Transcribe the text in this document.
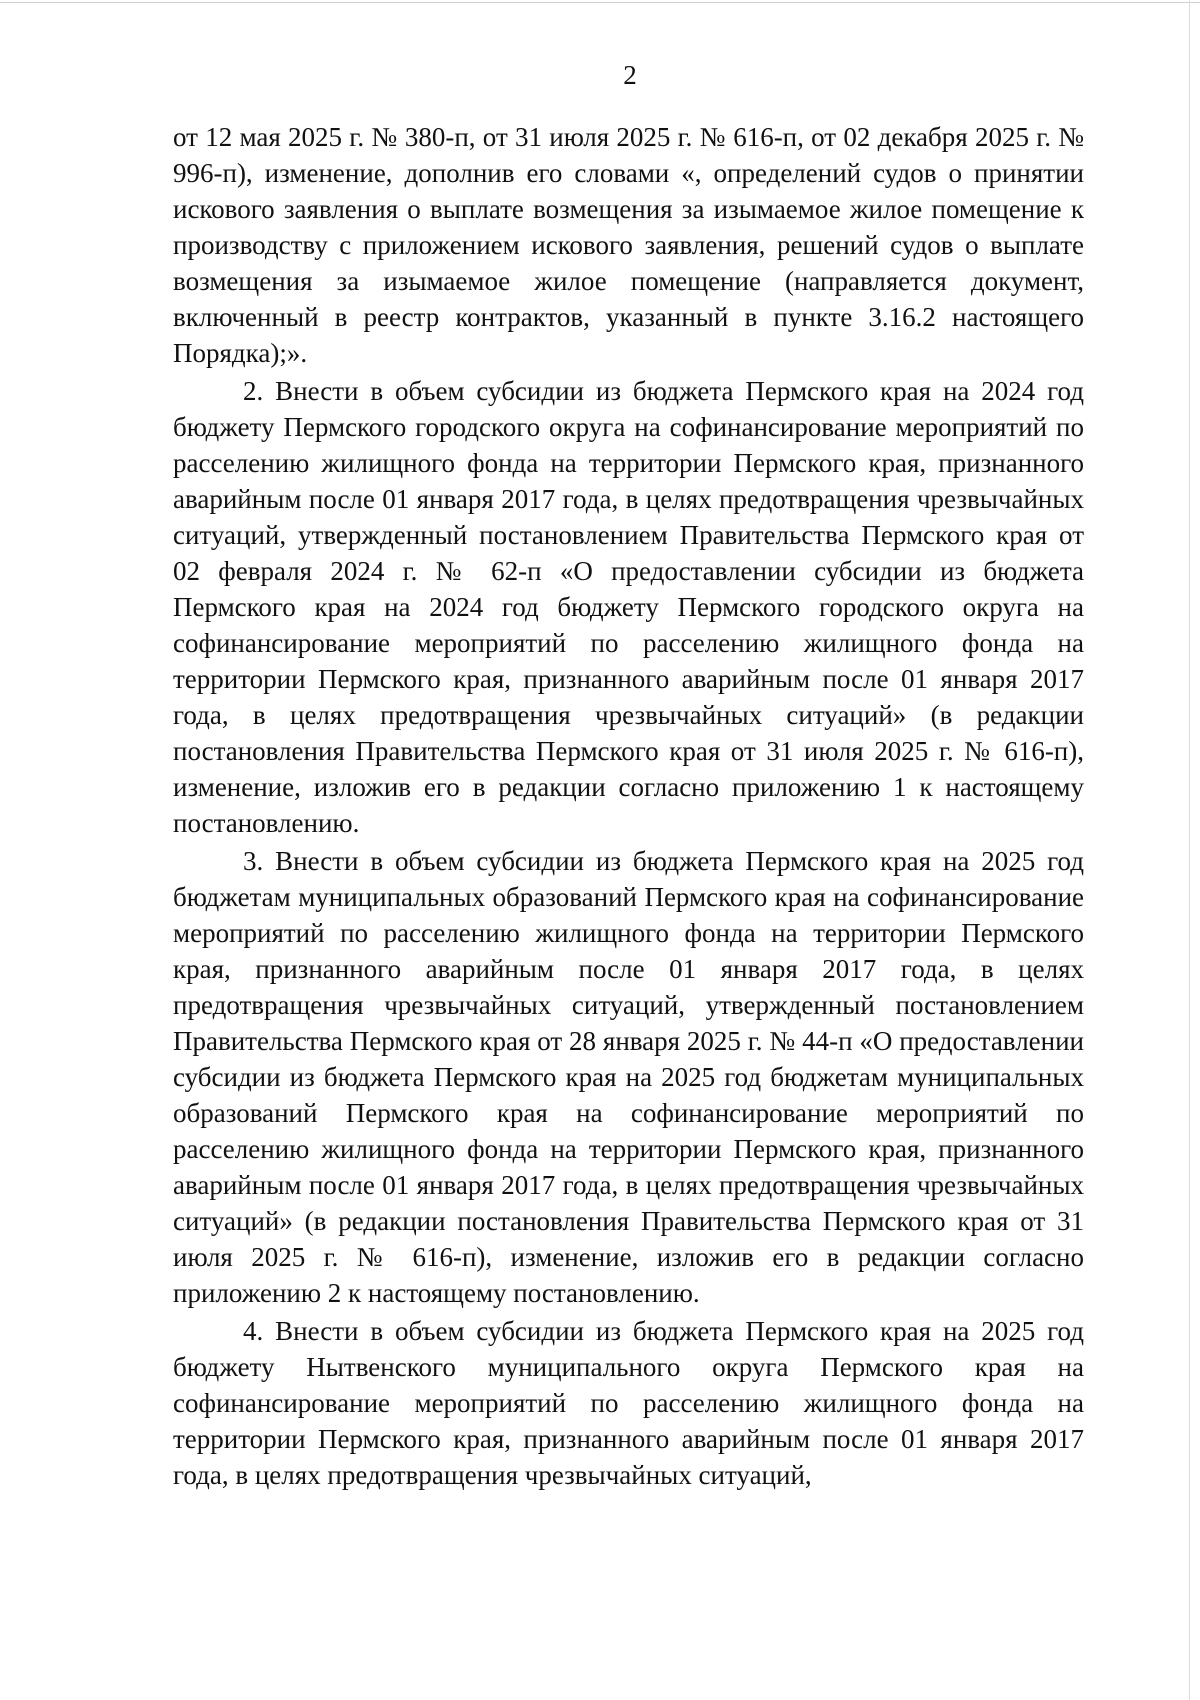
2

от 12 мая 2025 г. № 380-п, от 31 июля 2025 г. № 616-п, от 02 декабря 2025 г. № 996-п), изменение, дополнив его словами «, определений судов о принятии искового заявления о выплате возмещения за изымаемое жилое помещение к производству с приложением искового заявления, решений судов о выплате возмещения за изымаемое жилое помещение (направляется документ, включенный в реестр контрактов, указанный в пункте 3.16.2 настоящего Порядка);».

2. Внести в объем субсидии из бюджета Пермского края на 2024 год бюджету Пермского городского округа на софинансирование мероприятий по расселению жилищного фонда на территории Пермского края, признанного аварийным после 01 января 2017 года, в целях предотвращения чрезвычайных ситуаций, утвержденный постановлением Правительства Пермского края от 02 февраля 2024 г. № 62-п «О предоставлении субсидии из бюджета Пермского края на 2024 год бюджету Пермского городского округа на софинансирование мероприятий по расселению жилищного фонда на территории Пермского края, признанного аварийным после 01 января 2017 года, в целях предотвращения чрезвычайных ситуаций» (в редакции постановления Правительства Пермского края от 31 июля 2025 г. № 616-п), изменение, изложив его в редакции согласно приложению 1 к настоящему постановлению.

3. Внести в объем субсидии из бюджета Пермского края на 2025 год бюджетам муниципальных образований Пермского края на софинансирование мероприятий по расселению жилищного фонда на территории Пермского края, признанного аварийным после 01 января 2017 года, в целях предотвращения чрезвычайных ситуаций, утвержденный постановлением Правительства Пермского края от 28 января 2025 г. № 44-п «О предоставлении субсидии из бюджета Пермского края на 2025 год бюджетам муниципальных образований Пермского края на софинансирование мероприятий по расселению жилищного фонда на территории Пермского края, признанного аварийным после 01 января 2017 года, в целях предотвращения чрезвычайных ситуаций» (в редакции постановления Правительства Пермского края от 31 июля 2025 г. № 616-п), изменение, изложив его в редакции согласно приложению 2 к настоящему постановлению.

4. Внести в объем субсидии из бюджета Пермского края на 2025 год бюджету Нытвенского муниципального округа Пермского края на софинансирование мероприятий по расселению жилищного фонда на территории Пермского края, признанного аварийным после 01 января 2017 года, в целях предотвращения чрезвычайных ситуаций,
